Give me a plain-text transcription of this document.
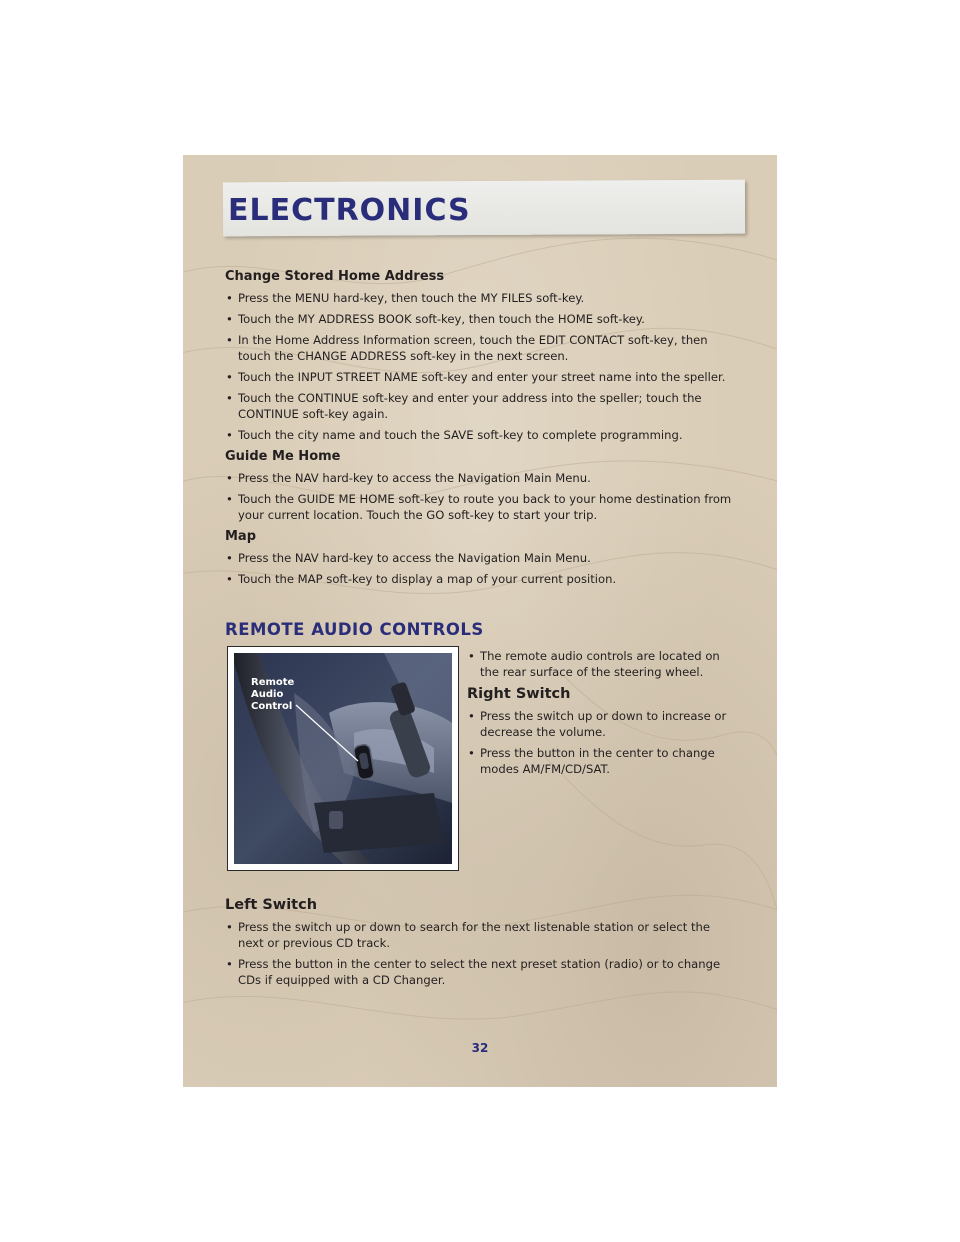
ELECTRONICS
Change Stored Home Address
• Press the MENU hard-key, then touch the MY FILES soft-key.
• Touch the MY ADDRESS BOOK soft-key, then touch the HOME soft-key.
• In the Home Address Information screen, touch the EDIT CONTACT soft-key, then touch the CHANGE ADDRESS soft-key in the next screen.
• Touch the INPUT STREET NAME soft-key and enter your street name into the speller.
• Touch the CONTINUE soft-key and enter your address into the speller; touch the CONTINUE soft-key again.
• Touch the city name and touch the SAVE soft-key to complete programming.
Guide Me Home
• Press the NAV hard-key to access the Navigation Main Menu.
• Touch the GUIDE ME HOME soft-key to route you back to your home destination from your current location. Touch the GO soft-key to start your trip.
Map
• Press the NAV hard-key to access the Navigation Main Menu.
• Touch the MAP soft-key to display a map of your current position.
REMOTE AUDIO CONTROLS
Remote
Audio
Control
• The remote audio controls are located on the rear surface of the steering wheel.
Right Switch
• Press the switch up or down to increase or decrease the volume.
• Press the button in the center to change modes AM/FM/CD/SAT.
Left Switch
• Press the switch up or down to search for the next listenable station or select the next or previous CD track.
• Press the button in the center to select the next preset station (radio) or to change CDs if equipped with a CD Changer.
32
